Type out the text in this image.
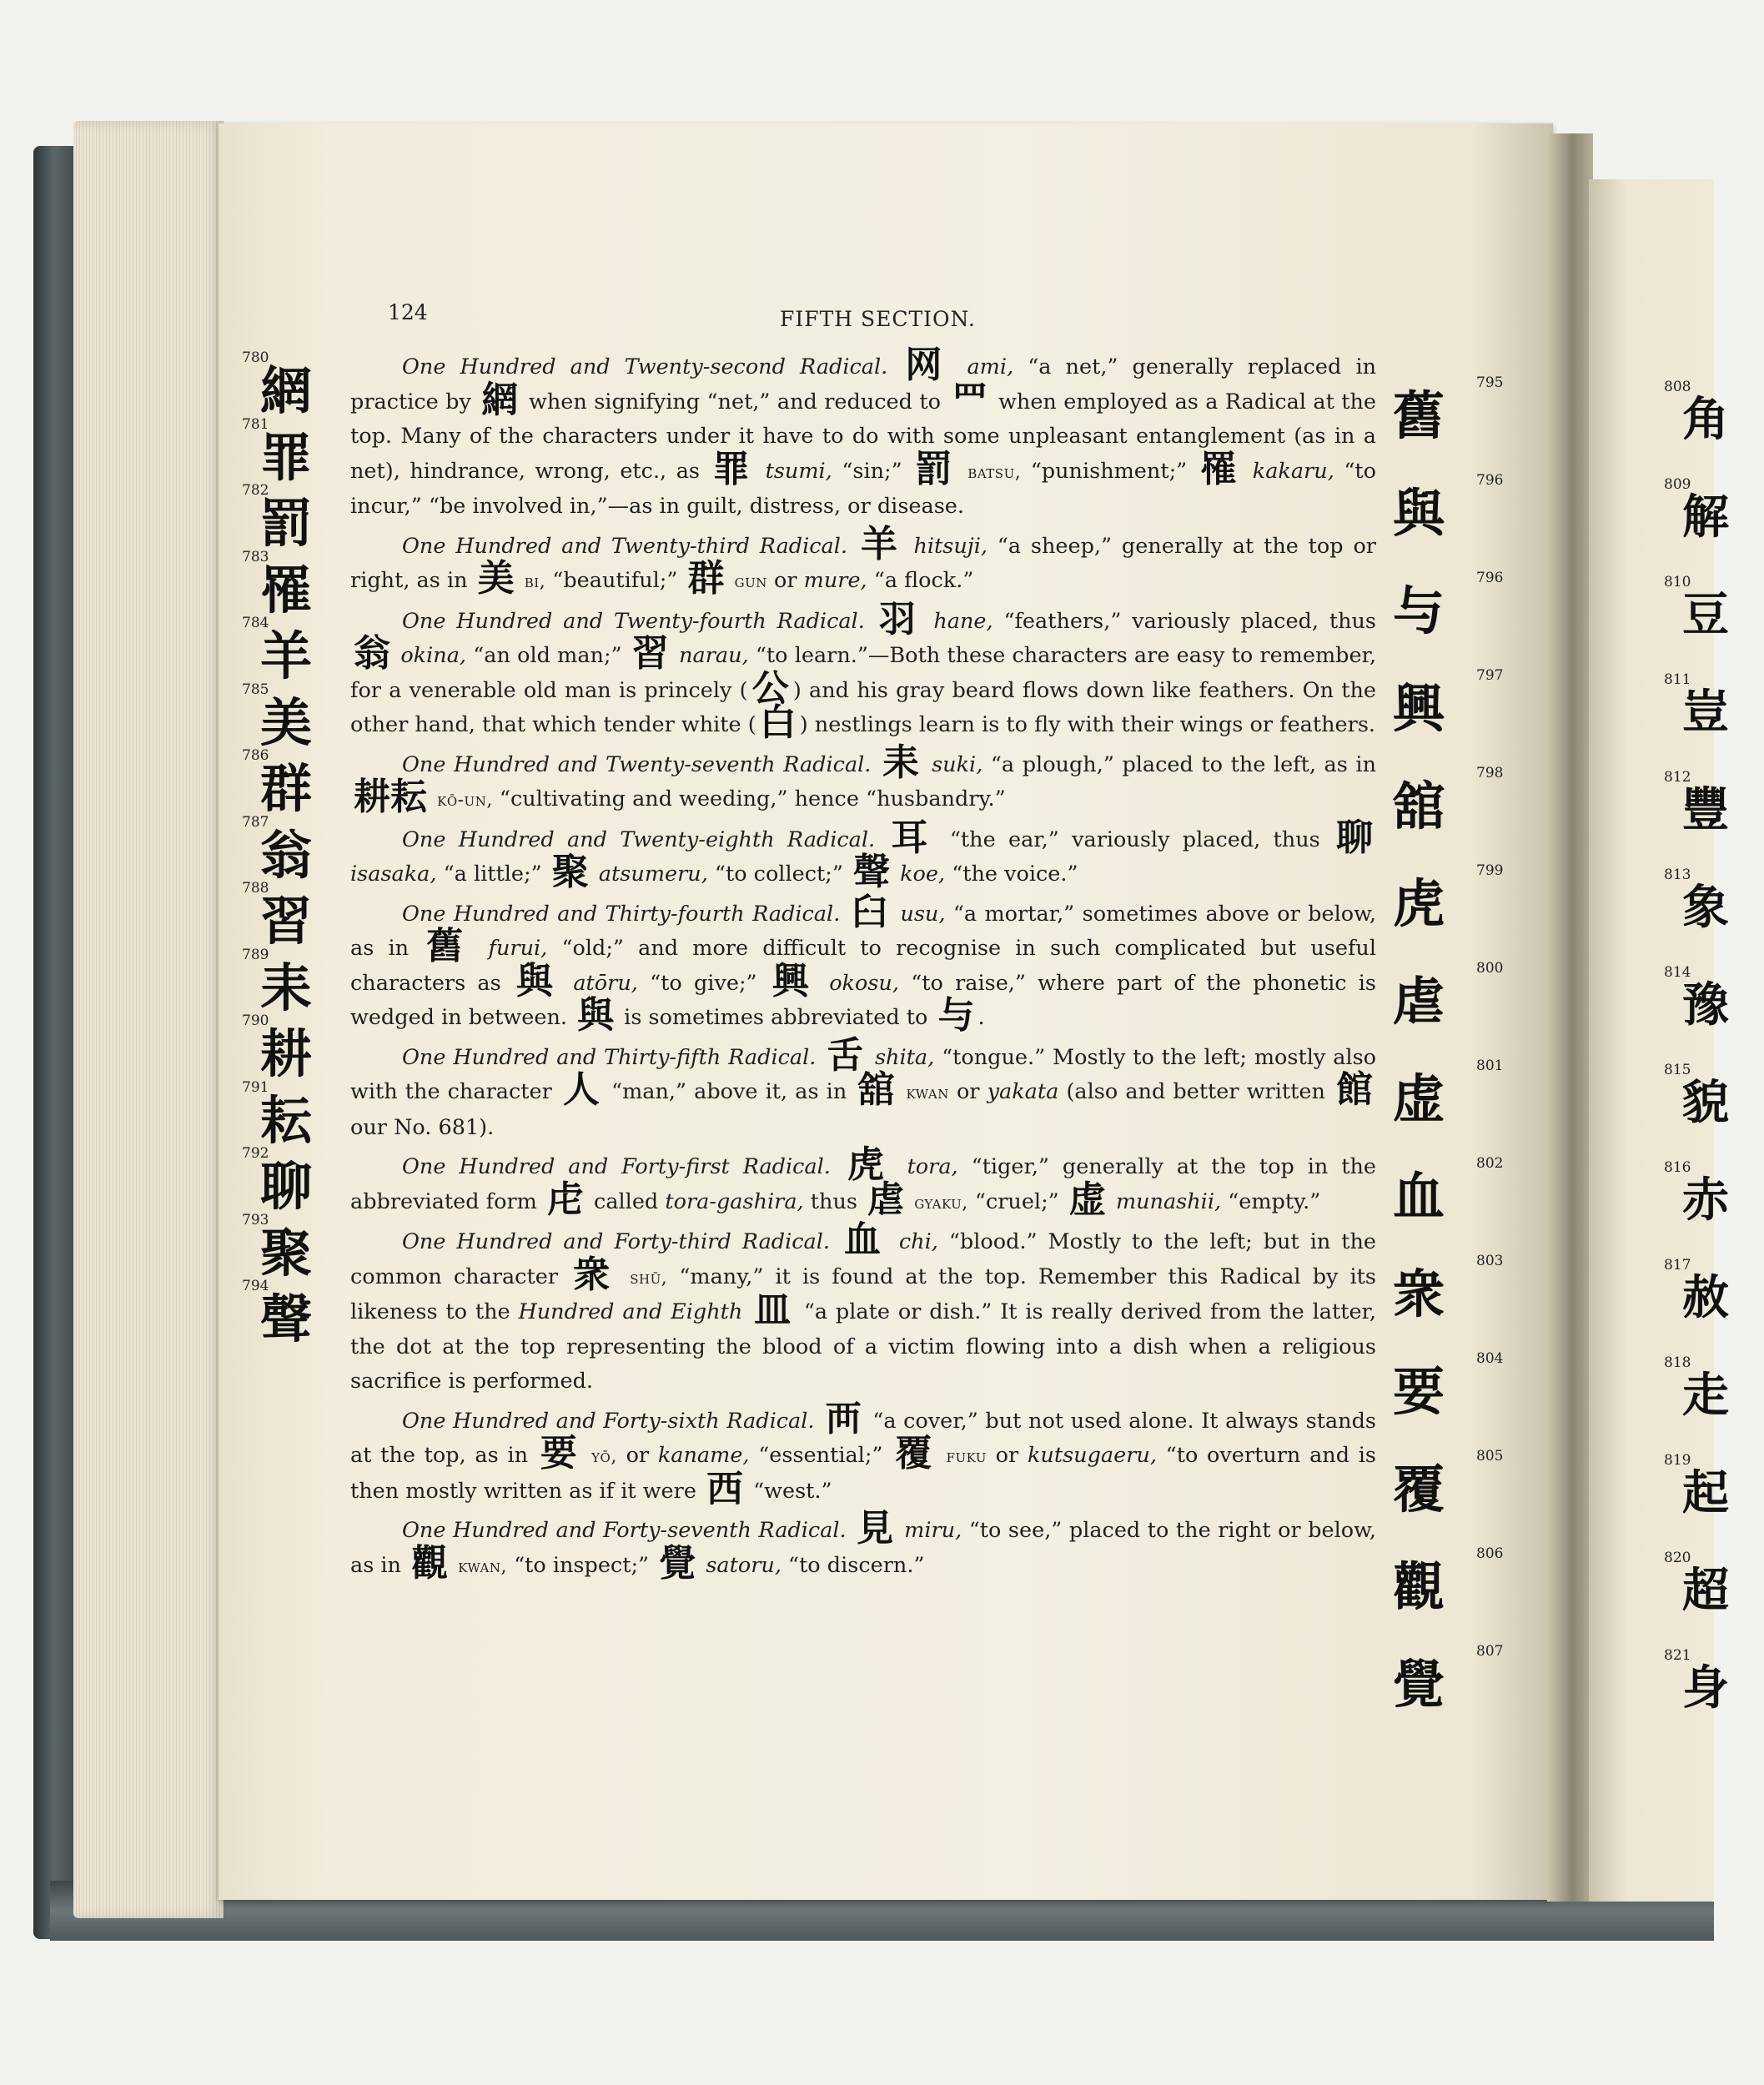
124	FIFTH SECTION.
780
網
781
罪
782
罰
783
罹
784
羊
785
美
786
群
787
翁
788
習
789
耒
790
耕
791
耘
792
聊
793
聚
794
聲

One Hundred and Twenty-second Radical. 网 ami, “a net,” generally replaced in practice by 網 when signifying “net,” and reduced to 罒 when employed as a Radical at the top. Many of the characters under it have to do with some unpleasant entanglement (as in a net), hindrance, wrong, etc., as 罪 tsumi, “sin;” 罰 batsu, “punishment;” 罹 kakaru, “to incur,” “be involved in,”—as in guilt, distress, or disease.

One Hundred and Twenty-third Radical. 羊 hitsuji, “a sheep,” generally at the top or right, as in 美 bi, “beautiful;” 群 gun or mure, “a flock.”

One Hundred and Twenty-fourth Radical. 羽 hane, “feathers,” variously placed, thus 翁 okina, “an old man;” 習 narau, “to learn.”—Both these characters are easy to remember, for a venerable old man is princely (公 ) and his gray beard flows down like feathers. On the other hand, that which tender white (白 ) nestlings learn is to fly with their wings or feathers.

One Hundred and Twenty-seventh Radical. 耒 suki, “a plough,” placed to the left, as in 耕耘 kō-un, “cultivating and weeding,” hence “husbandry.”

One Hundred and Twenty-eighth Radical. 耳 “the ear,” variously placed, thus 聊 isasaka, “a little;” 聚 atsumeru, “to collect;” 聲 koe, “the voice.”

One Hundred and Thirty-fourth Radical. 臼 usu, “a mortar,” sometimes above or below, as in 舊 furui, “old;” and more difficult to recognise in such complicated but useful characters as 與 atōru, “to give;” 興 okosu, “to raise,” where part of the phonetic is wedged in between. 與 is sometimes abbreviated to 与 .

One Hundred and Thirty-fifth Radical. 舌 shita, “tongue.” Mostly to the left; mostly also with the character 人 “man,” above it, as in 舘 kwan or yakata (also and better written 館 our No. 681).

One Hundred and Forty-first Radical. 虎 tora, “tiger,” generally at the top in the abbreviated form 虍 called tora-gashira, thus 虐 gyaku, “cruel;” 虚 munashii, “empty.”

One Hundred and Forty-third Radical. 血 chi, “blood.” Mostly to the left; but in the common character 衆 shū, “many,” it is found at the top. Remember this Radical by its likeness to the Hundred and Eighth 皿 “a plate or dish.” It is really derived from the latter, the dot at the top representing the blood of a victim flowing into a dish when a religious sacrifice is performed.

One Hundred and Forty-sixth Radical. 襾 “a cover,” but not used alone. It always stands at the top, as in 要 yō, or kaname, “essential;” 覆 fuku or kutsugaeru, “to overturn and is then mostly written as if it were 西 “west.”

One Hundred and Forty-seventh Radical. 見 miru, “to see,” placed to the right or below, as in 觀 kwan, “to inspect;” 覺 satoru, “to discern.”

795
舊
796
與
796
与
797
興
798
舘
799
虎
800
虐
801
虚
802
血
803
衆
804
要
805
覆
806
觀
807
覺
808
角
809
解
810
豆
811
豈
812
豐
813
象
814
豫
815
貌
816
赤
817
赦
818
走
819
起
820
超
821
身
